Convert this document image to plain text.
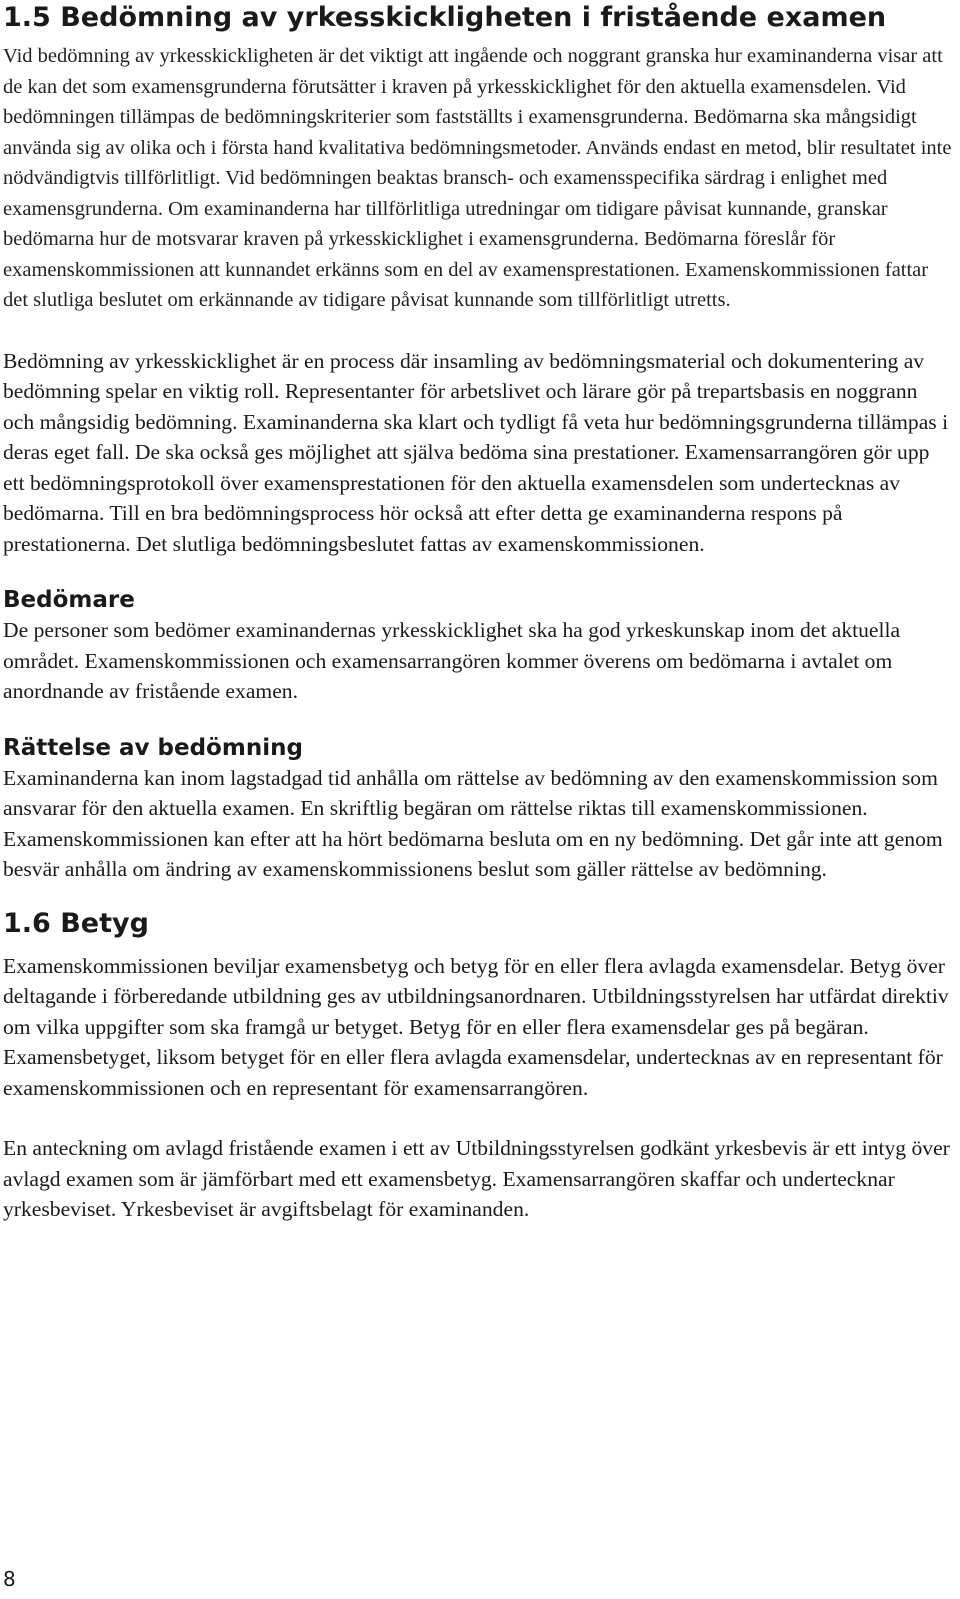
1.5 Bedömning av yrkesskickligheten i fristående examen

Vid bedömning av yrkesskickligheten är det viktigt att ingående och noggrant granska hur examinanderna visar att de kan det som examensgrunderna förutsätter i kraven på yrkesskicklighet för den aktuella examensdelen. Vid bedömningen tillämpas de bedömningskriterier som fastställts i examensgrunderna. Bedömarna ska mångsidigt använda sig av olika och i första hand kvalitativa bedömningsmetoder. Används endast en metod, blir resultatet inte nödvändigtvis tillförlitligt. Vid bedömningen beaktas bransch- och examensspecifika särdrag i enlighet med examensgrunderna. Om examinanderna har tillförlitliga utredningar om tidigare påvisat kunnande, granskar bedömarna hur de motsvarar kraven på yrkesskicklighet i examensgrunderna. Bedömarna föreslår för examenskommissionen att kunnandet erkänns som en del av examensprestationen. Examenskommissionen fattar det slutliga beslutet om erkännande av tidigare påvisat kunnande som tillförlitligt utretts.

Bedömning av yrkesskicklighet är en process där insamling av bedömningsmaterial och dokumentering av bedömning spelar en viktig roll. Representanter för arbetslivet och lärare gör på trepartsbasis en noggrann och mångsidig bedömning. Examinanderna ska klart och tydligt få veta hur bedömningsgrunderna tillämpas i deras eget fall. De ska också ges möjlighet att själva bedöma sina prestationer. Examensarrangören gör upp ett bedömningsprotokoll över examensprestationen för den aktuella examensdelen som undertecknas av bedömarna. Till en bra bedömningsprocess hör också att efter detta ge examinanderna respons på prestationerna. Det slutliga bedömningsbeslutet fattas av examenskommissionen.

Bedömare

De personer som bedömer examinandernas yrkesskicklighet ska ha god yrkeskunskap inom det aktuella området. Examenskommissionen och examensarrangören kommer överens om bedömarna i avtalet om anordnande av fristående examen.

Rättelse av bedömning

Examinanderna kan inom lagstadgad tid anhålla om rättelse av bedömning av den examenskommission som ansvarar för den aktuella examen. En skriftlig begäran om rättelse riktas till examenskommissionen. Examenskommissionen kan efter att ha hört bedömarna besluta om en ny bedömning. Det går inte att genom besvär anhålla om ändring av examenskommissionens beslut som gäller rättelse av bedömning.

1.6 Betyg

Examenskommissionen beviljar examensbetyg och betyg för en eller flera avlagda examensdelar. Betyg över deltagande i förberedande utbildning ges av utbildningsanordnaren. Utbildningsstyrelsen har utfärdat direktiv om vilka uppgifter som ska framgå ur betyget. Betyg för en eller flera examensdelar ges på begäran. Examensbetyget, liksom betyget för en eller flera avlagda examensdelar, undertecknas av en representant för examenskommissionen och en representant för examensarrangören.

En anteckning om avlagd fristående examen i ett av Utbildningsstyrelsen godkänt yrkesbevis är ett intyg över avlagd examen som är jämförbart med ett examensbetyg. Examensarrangören skaffar och undertecknar yrkesbeviset. Yrkesbeviset är avgiftsbelagt för examinanden.

8
